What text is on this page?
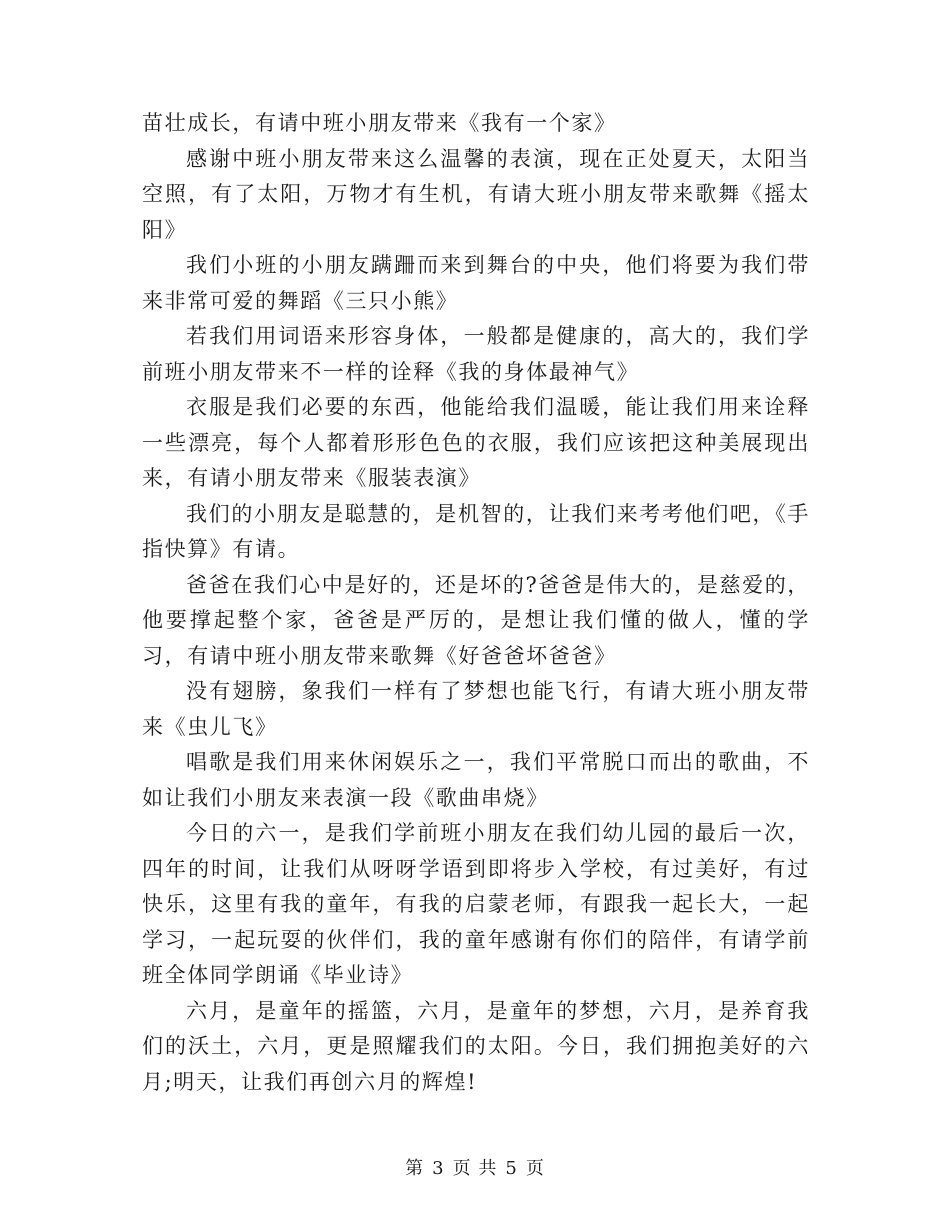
苗壮成长，有请中班小朋友带来《我有一个家》

感谢中班小朋友带来这么温馨的表演，现在正处夏天，太阳当空照，有了太阳，万物才有生机，有请大班小朋友带来歌舞《摇太阳》

我们小班的小朋友蹒跚而来到舞台的中央，他们将要为我们带来非常可爱的舞蹈《三只小熊》

若我们用词语来形容身体，一般都是健康的，高大的，我们学前班小朋友带来不一样的诠释《我的身体最神气》

衣服是我们必要的东西，他能给我们温暖，能让我们用来诠释一些漂亮，每个人都着形形色色的衣服，我们应该把这种美展现出来，有请小朋友带来《服装表演》

我们的小朋友是聪慧的，是机智的，让我们来考考他们吧，《手指快算》有请。

爸爸在我们心中是好的，还是坏的?爸爸是伟大的，是慈爱的，他要撑起整个家，爸爸是严厉的，是想让我们懂的做人，懂的学习，有请中班小朋友带来歌舞《好爸爸坏爸爸》

没有翅膀，象我们一样有了梦想也能飞行，有请大班小朋友带来《虫儿飞》

唱歌是我们用来休闲娱乐之一，我们平常脱口而出的歌曲，不如让我们小朋友来表演一段《歌曲串烧》

今日的六一，是我们学前班小朋友在我们幼儿园的最后一次，四年的时间，让我们从呀呀学语到即将步入学校，有过美好，有过快乐，这里有我的童年，有我的启蒙老师，有跟我一起长大，一起学习，一起玩耍的伙伴们，我的童年感谢有你们的陪伴，有请学前班全体同学朗诵《毕业诗》

六月，是童年的摇篮，六月，是童年的梦想，六月，是养育我们的沃土，六月，更是照耀我们的太阳。今日，我们拥抱美好的六月;明天，让我们再创六月的辉煌!

第 3 页 共 5 页
